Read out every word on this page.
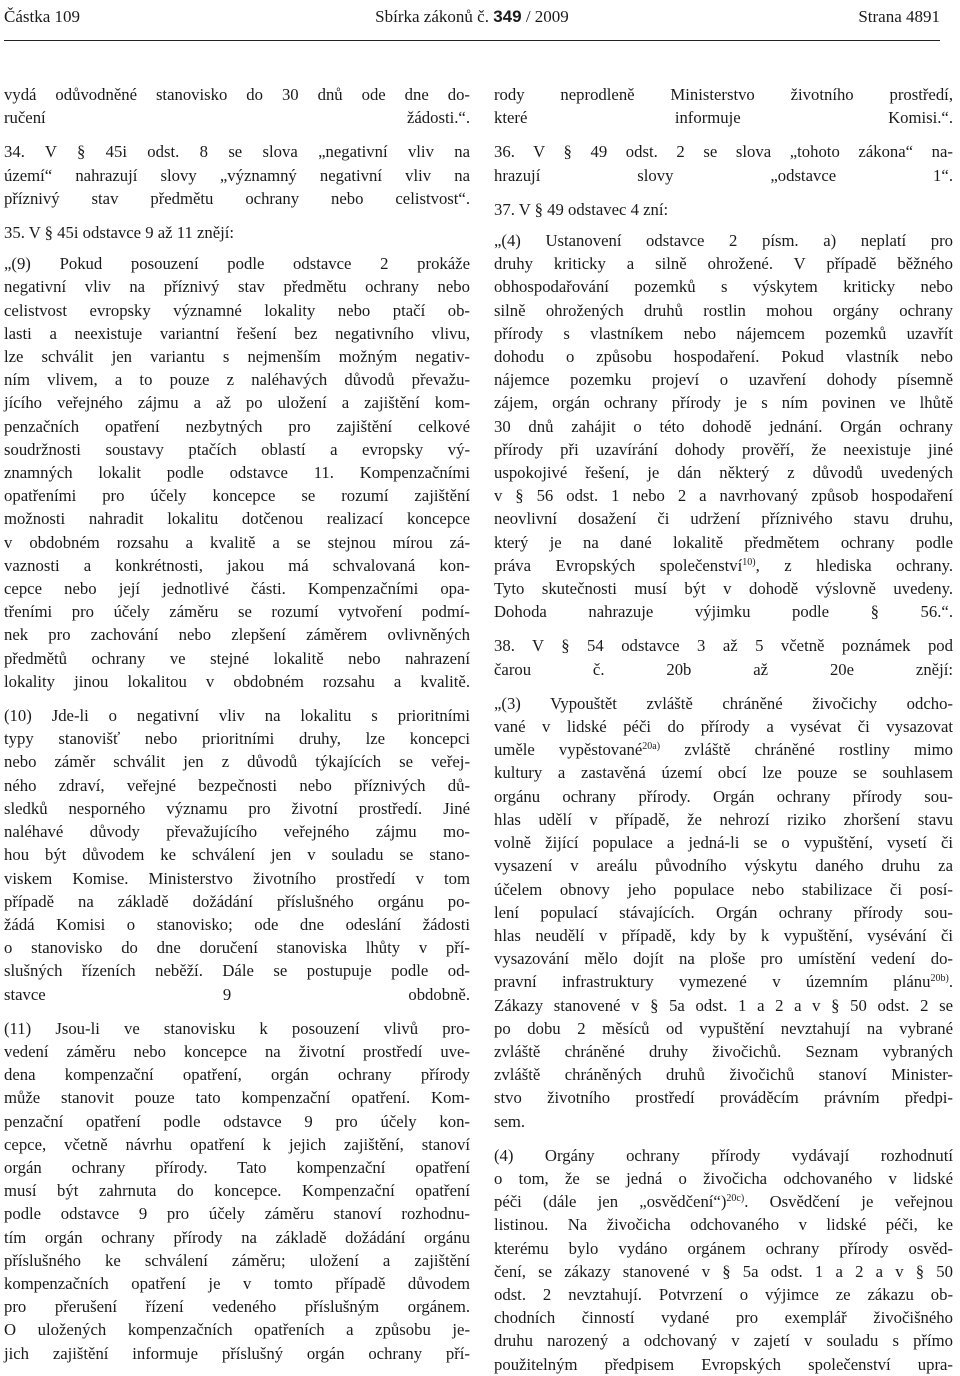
Částka 109	Sbírka zákonů č. 349 / 2009	Strana 4891
vydá odůvodněné stanovisko do 30 dnů ode dne do-
ručení žádosti.“.
34. V § 45i odst. 8 se slova „negativní vliv na
území“ nahrazují slovy „významný negativní vliv na
příznivý stav předmětu ochrany nebo celistvost“.
35. V § 45i odstavce 9 až 11 znějí:
„(9) Pokud posouzení podle odstavce 2 prokáže
negativní vliv na příznivý stav předmětu ochrany nebo
celistvost evropsky významné lokality nebo ptačí ob-
lasti a neexistuje variantní řešení bez negativního vlivu,
lze schválit jen variantu s nejmenším možným negativ-
ním vlivem, a to pouze z naléhavých důvodů převažu-
jícího veřejného zájmu a až po uložení a zajištění kom-
penzačních opatření nezbytných pro zajištění celkové
soudržnosti soustavy ptačích oblastí a evropsky vý-
znamných lokalit podle odstavce 11. Kompenzačními
opatřeními pro účely koncepce se rozumí zajištění
možnosti nahradit lokalitu dotčenou realizací koncepce
v obdobném rozsahu a kvalitě a se stejnou mírou zá-
vaznosti a konkrétnosti, jakou má schvalovaná kon-
cepce nebo její jednotlivé části. Kompenzačními opa-
třeními pro účely záměru se rozumí vytvoření podmí-
nek pro zachování nebo zlepšení záměrem ovlivněných
předmětů ochrany ve stejné lokalitě nebo nahrazení
lokality jinou lokalitou v obdobném rozsahu a kvalitě.
(10) Jde-li o negativní vliv na lokalitu s prioritními
typy stanovišť nebo prioritními druhy, lze koncepci
nebo záměr schválit jen z důvodů týkajících se veřej-
ného zdraví, veřejné bezpečnosti nebo příznivých dů-
sledků nesporného významu pro životní prostředí. Jiné
naléhavé důvody převažujícího veřejného zájmu mo-
hou být důvodem ke schválení jen v souladu se stano-
viskem Komise. Ministerstvo životního prostředí v tom
případě na základě dožádání příslušného orgánu po-
žádá Komisi o stanovisko; ode dne odeslání žádosti
o stanovisko do dne doručení stanoviska lhůty v pří-
slušných řízeních neběží. Dále se postupuje podle od-
stavce 9 obdobně.
(11) Jsou-li ve stanovisku k posouzení vlivů pro-
vedení záměru nebo koncepce na životní prostředí uve-
dena kompenzační opatření, orgán ochrany přírody
může stanovit pouze tato kompenzační opatření. Kom-
penzační opatření podle odstavce 9 pro účely kon-
cepce, včetně návrhu opatření k jejich zajištění, stanoví
orgán ochrany přírody. Tato kompenzační opatření
musí být zahrnuta do koncepce. Kompenzační opatření
podle odstavce 9 pro účely záměru stanoví rozhodnu-
tím orgán ochrany přírody na základě dožádání orgánu
příslušného ke schválení záměru; uložení a zajištění
kompenzačních opatření je v tomto případě důvodem
pro přerušení řízení vedeného příslušným orgánem.
O uložených kompenzačních opatřeních a způsobu je-
jich zajištění informuje příslušný orgán ochrany pří-
rody neprodleně Ministerstvo životního prostředí,
které informuje Komisi.“.
36. V § 49 odst. 2 se slova „tohoto zákona“ na-
hrazují slovy „odstavce 1“.
37. V § 49 odstavec 4 zní:
„(4) Ustanovení odstavce 2 písm. a) neplatí pro
druhy kriticky a silně ohrožené. V případě běžného
obhospodařování pozemků s výskytem kriticky nebo
silně ohrožených druhů rostlin mohou orgány ochrany
přírody s vlastníkem nebo nájemcem pozemků uzavřít
dohodu o způsobu hospodaření. Pokud vlastník nebo
nájemce pozemku projeví o uzavření dohody písemně
zájem, orgán ochrany přírody je s ním povinen ve lhůtě
30 dnů zahájit o této dohodě jednání. Orgán ochrany
přírody při uzavírání dohody prověří, že neexistuje jiné
uspokojivé řešení, je dán některý z důvodů uvedených
v § 56 odst. 1 nebo 2 a navrhovaný způsob hospodaření
neovlivní dosažení či udržení příznivého stavu druhu,
který je na dané lokalitě předmětem ochrany podle
práva Evropských společenství$^{10)}$, z hlediska ochrany.
Tyto skutečnosti musí být v dohodě výslovně uvedeny.
Dohoda nahrazuje výjimku podle § 56.“.
38. V § 54 odstavce 3 až 5 včetně poznámek pod
čarou č. 20b až 20e znějí:
„(3) Vypouštět zvláště chráněné živočichy odcho-
vané v lidské péči do přírody a vysévat či vysazovat
uměle vypěstované$^{20a)}$ zvláště chráněné rostliny mimo
kultury a zastavěná území obcí lze pouze se souhlasem
orgánu ochrany přírody. Orgán ochrany přírody sou-
hlas udělí v případě, že nehrozí riziko zhoršení stavu
volně žijící populace a jedná-li se o vypuštění, vysetí či
vysazení v areálu původního výskytu daného druhu za
účelem obnovy jeho populace nebo stabilizace či posí-
lení populací stávajících. Orgán ochrany přírody sou-
hlas neudělí v případě, kdy by k vypuštění, vysévání či
vysazování mělo dojít na ploše pro umístění vedení do-
pravní infrastruktury vymezené v územním plánu$^{20b)}$.
Zákazy stanovené v § 5a odst. 1 a 2 a v § 50 odst. 2 se
po dobu 2 měsíců od vypuštění nevztahují na vybrané
zvláště chráněné druhy živočichů. Seznam vybraných
zvláště chráněných druhů živočichů stanoví Minister-
stvo životního prostředí prováděcím právním předpi-
sem.
(4) Orgány ochrany přírody vydávají rozhodnutí
o tom, že se jedná o živočicha odchovaného v lidské
péči (dále jen „osvědčení“)$^{20c)}$. Osvědčení je veřejnou
listinou. Na živočicha odchovaného v lidské péči, ke
kterému bylo vydáno orgánem ochrany přírody osvěd-
čení, se zákazy stanovené v § 5a odst. 1 a 2 a v § 50
odst. 2 nevztahují. Potvrzení o výjimce ze zákazu ob-
chodních činností vydané pro exemplář živočišného
druhu narozený a odchovaný v zajetí v souladu s přímo
použitelným předpisem Evropských společenství upra-
